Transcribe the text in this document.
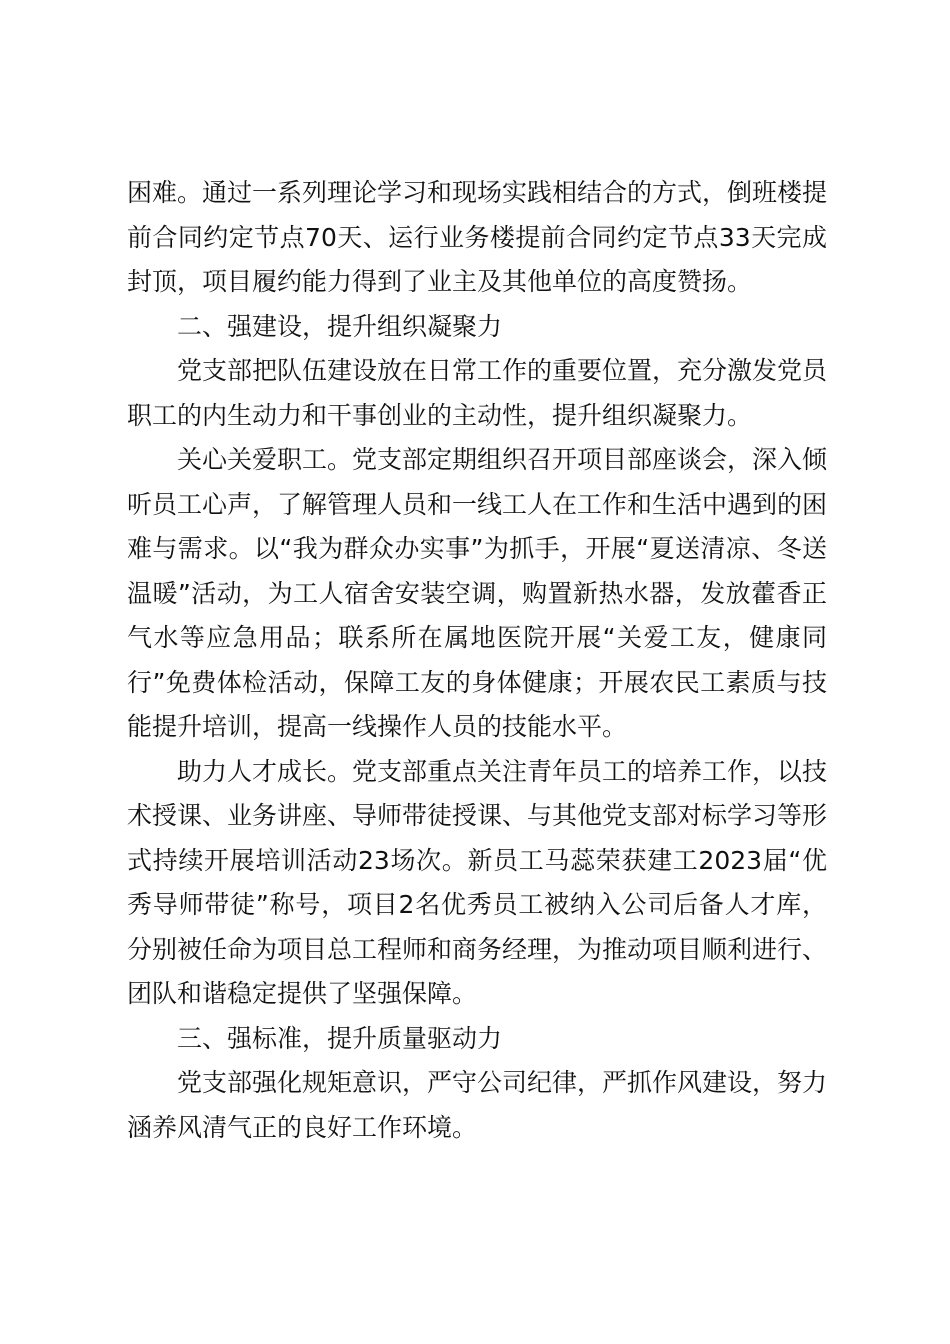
困难。通过一系列理论学习和现场实践相结合的方式，倒班楼提前合同约定节点70天、运行业务楼提前合同约定节点33天完成封顶，项目履约能力得到了业主及其他单位的高度赞扬。

二、强建设，提升组织凝聚力

党支部把队伍建设放在日常工作的重要位置，充分激发党员职工的内生动力和干事创业的主动性，提升组织凝聚力。

关心关爱职工。党支部定期组织召开项目部座谈会，深入倾听员工心声，了解管理人员和一线工人在工作和生活中遇到的困难与需求。以“我为群众办实事”为抓手，开展“夏送清凉、冬送温暖”活动，为工人宿舍安装空调，购置新热水器，发放藿香正气水等应急用品；联系所在属地医院开展“关爱工友，健康同行”免费体检活动，保障工友的身体健康；开展农民工素质与技能提升培训，提高一线操作人员的技能水平。

助力人才成长。党支部重点关注青年员工的培养工作，以技术授课、业务讲座、导师带徒授课、与其他党支部对标学习等形式持续开展培训活动23场次。新员工马蕊荣获建工2023届“优秀导师带徒”称号，项目2名优秀员工被纳入公司后备人才库，分别被任命为项目总工程师和商务经理，为推动项目顺利进行、团队和谐稳定提供了坚强保障。

三、强标准，提升质量驱动力

党支部强化规矩意识，严守公司纪律，严抓作风建设，努力涵养风清气正的良好工作环境。
